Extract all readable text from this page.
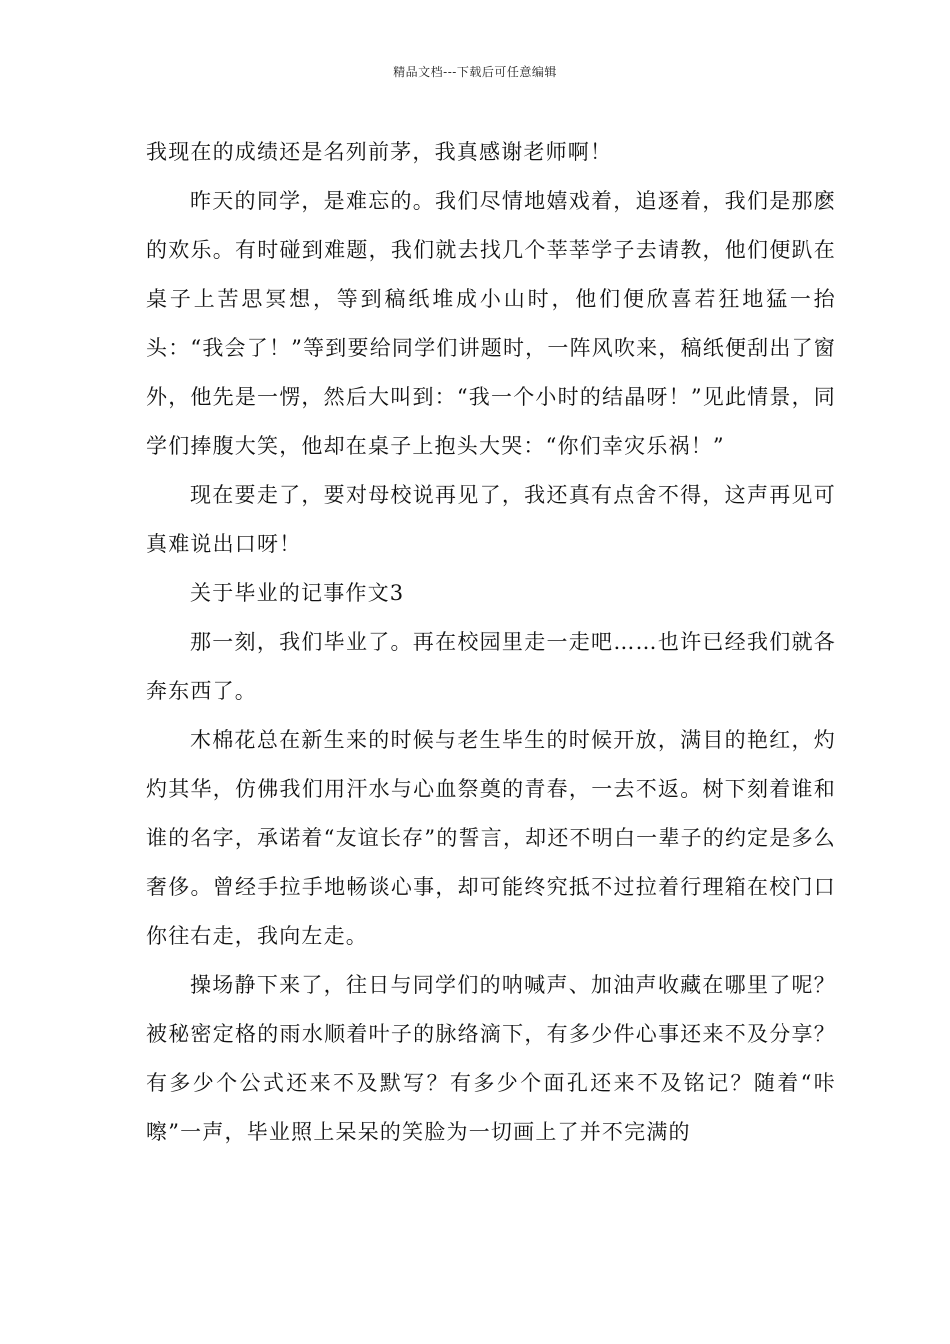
精品文档---下载后可任意编辑

我现在的成绩还是名列前茅，我真感谢老师啊！

昨天的同学，是难忘的。我们尽情地嬉戏着，追逐着，我们是那麽的欢乐。有时碰到难题，我们就去找几个莘莘学子去请教，他们便趴在桌子上苦思冥想，等到稿纸堆成小山时，他们便欣喜若狂地猛一抬头：“我会了！”等到要给同学们讲题时，一阵风吹来，稿纸便刮出了窗外，他先是一愣，然后大叫到：“我一个小时的结晶呀！”见此情景，同学们捧腹大笑，他却在桌子上抱头大哭：“你们幸灾乐祸！”

现在要走了，要对母校说再见了，我还真有点舍不得，这声再见可真难说出口呀！

关于毕业的记事作文3

那一刻，我们毕业了。再在校园里走一走吧……也许已经我们就各奔东西了。

木棉花总在新生来的时候与老生毕生的时候开放，满目的艳红，灼灼其华，仿佛我们用汗水与心血祭奠的青春，一去不返。树下刻着谁和谁的名字，承诺着“友谊长存”的誓言，却还不明白一辈子的约定是多么奢侈。曾经手拉手地畅谈心事，却可能终究抵不过拉着行理箱在校门口你往右走，我向左走。

操场静下来了，往日与同学们的呐喊声、加油声收藏在哪里了呢？被秘密定格的雨水顺着叶子的脉络滴下，有多少件心事还来不及分享？有多少个公式还来不及默写？有多少个面孔还来不及铭记？随着“咔嚓”一声，毕业照上呆呆的笑脸为一切画上了并不完满的
